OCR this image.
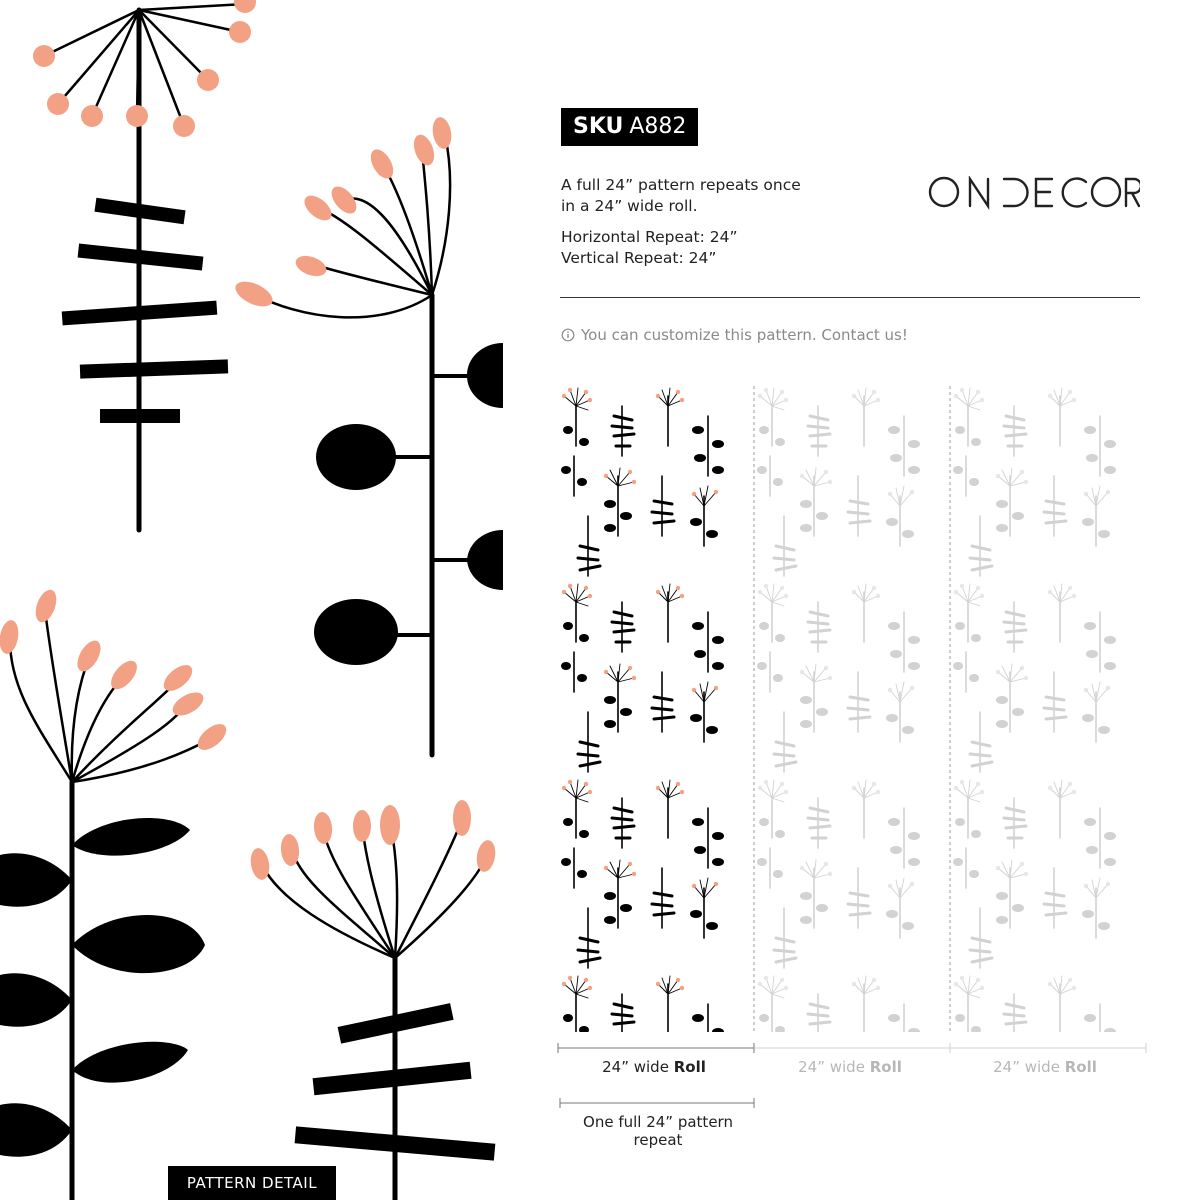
PATTERN DETAIL
SKU A882
A full 24” pattern repeats once
in a 24” wide roll.
Horizontal Repeat: 24”
Vertical Repeat: 24”
You can customize this pattern. Contact us!
24” wide Roll	24” wide Roll	24” wide Roll
One full 24” pattern repeat
